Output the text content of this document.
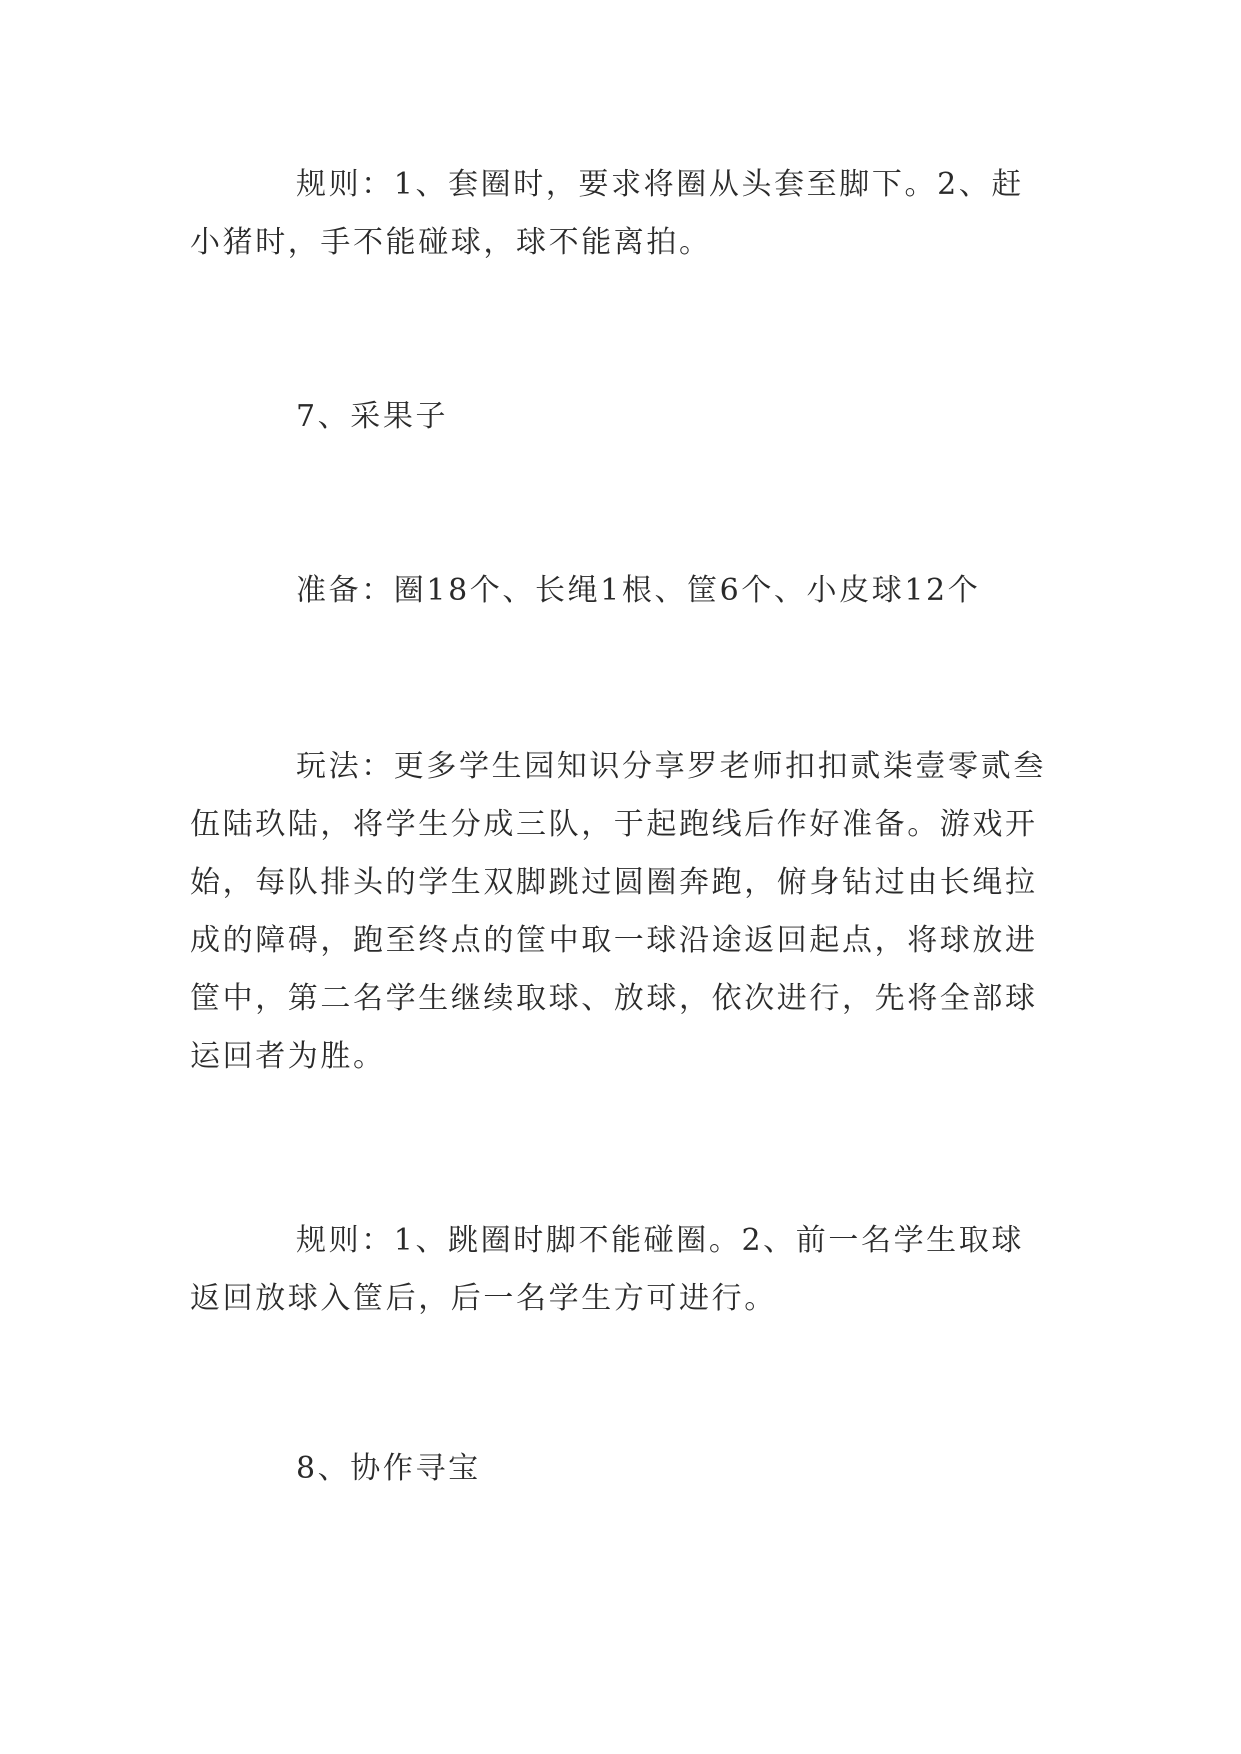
规则：1、套圈时，要求将圈从头套至脚下。2、赶小猪时，手不能碰球，球不能离拍。

7、采果子

准备：圈18个、长绳1根、筐6个、小皮球12个

玩法：更多学生园知识分享罗老师扣扣贰柒壹零贰叁伍陆玖陆，将学生分成三队，于起跑线后作好准备。游戏开始，每队排头的学生双脚跳过圆圈奔跑，俯身钻过由长绳拉成的障碍，跑至终点的筐中取一球沿途返回起点，将球放进筐中，第二名学生继续取球、放球，依次进行，先将全部球运回者为胜。

规则：1、跳圈时脚不能碰圈。2、前一名学生取球返回放球入筐后，后一名学生方可进行。

8、协作寻宝
